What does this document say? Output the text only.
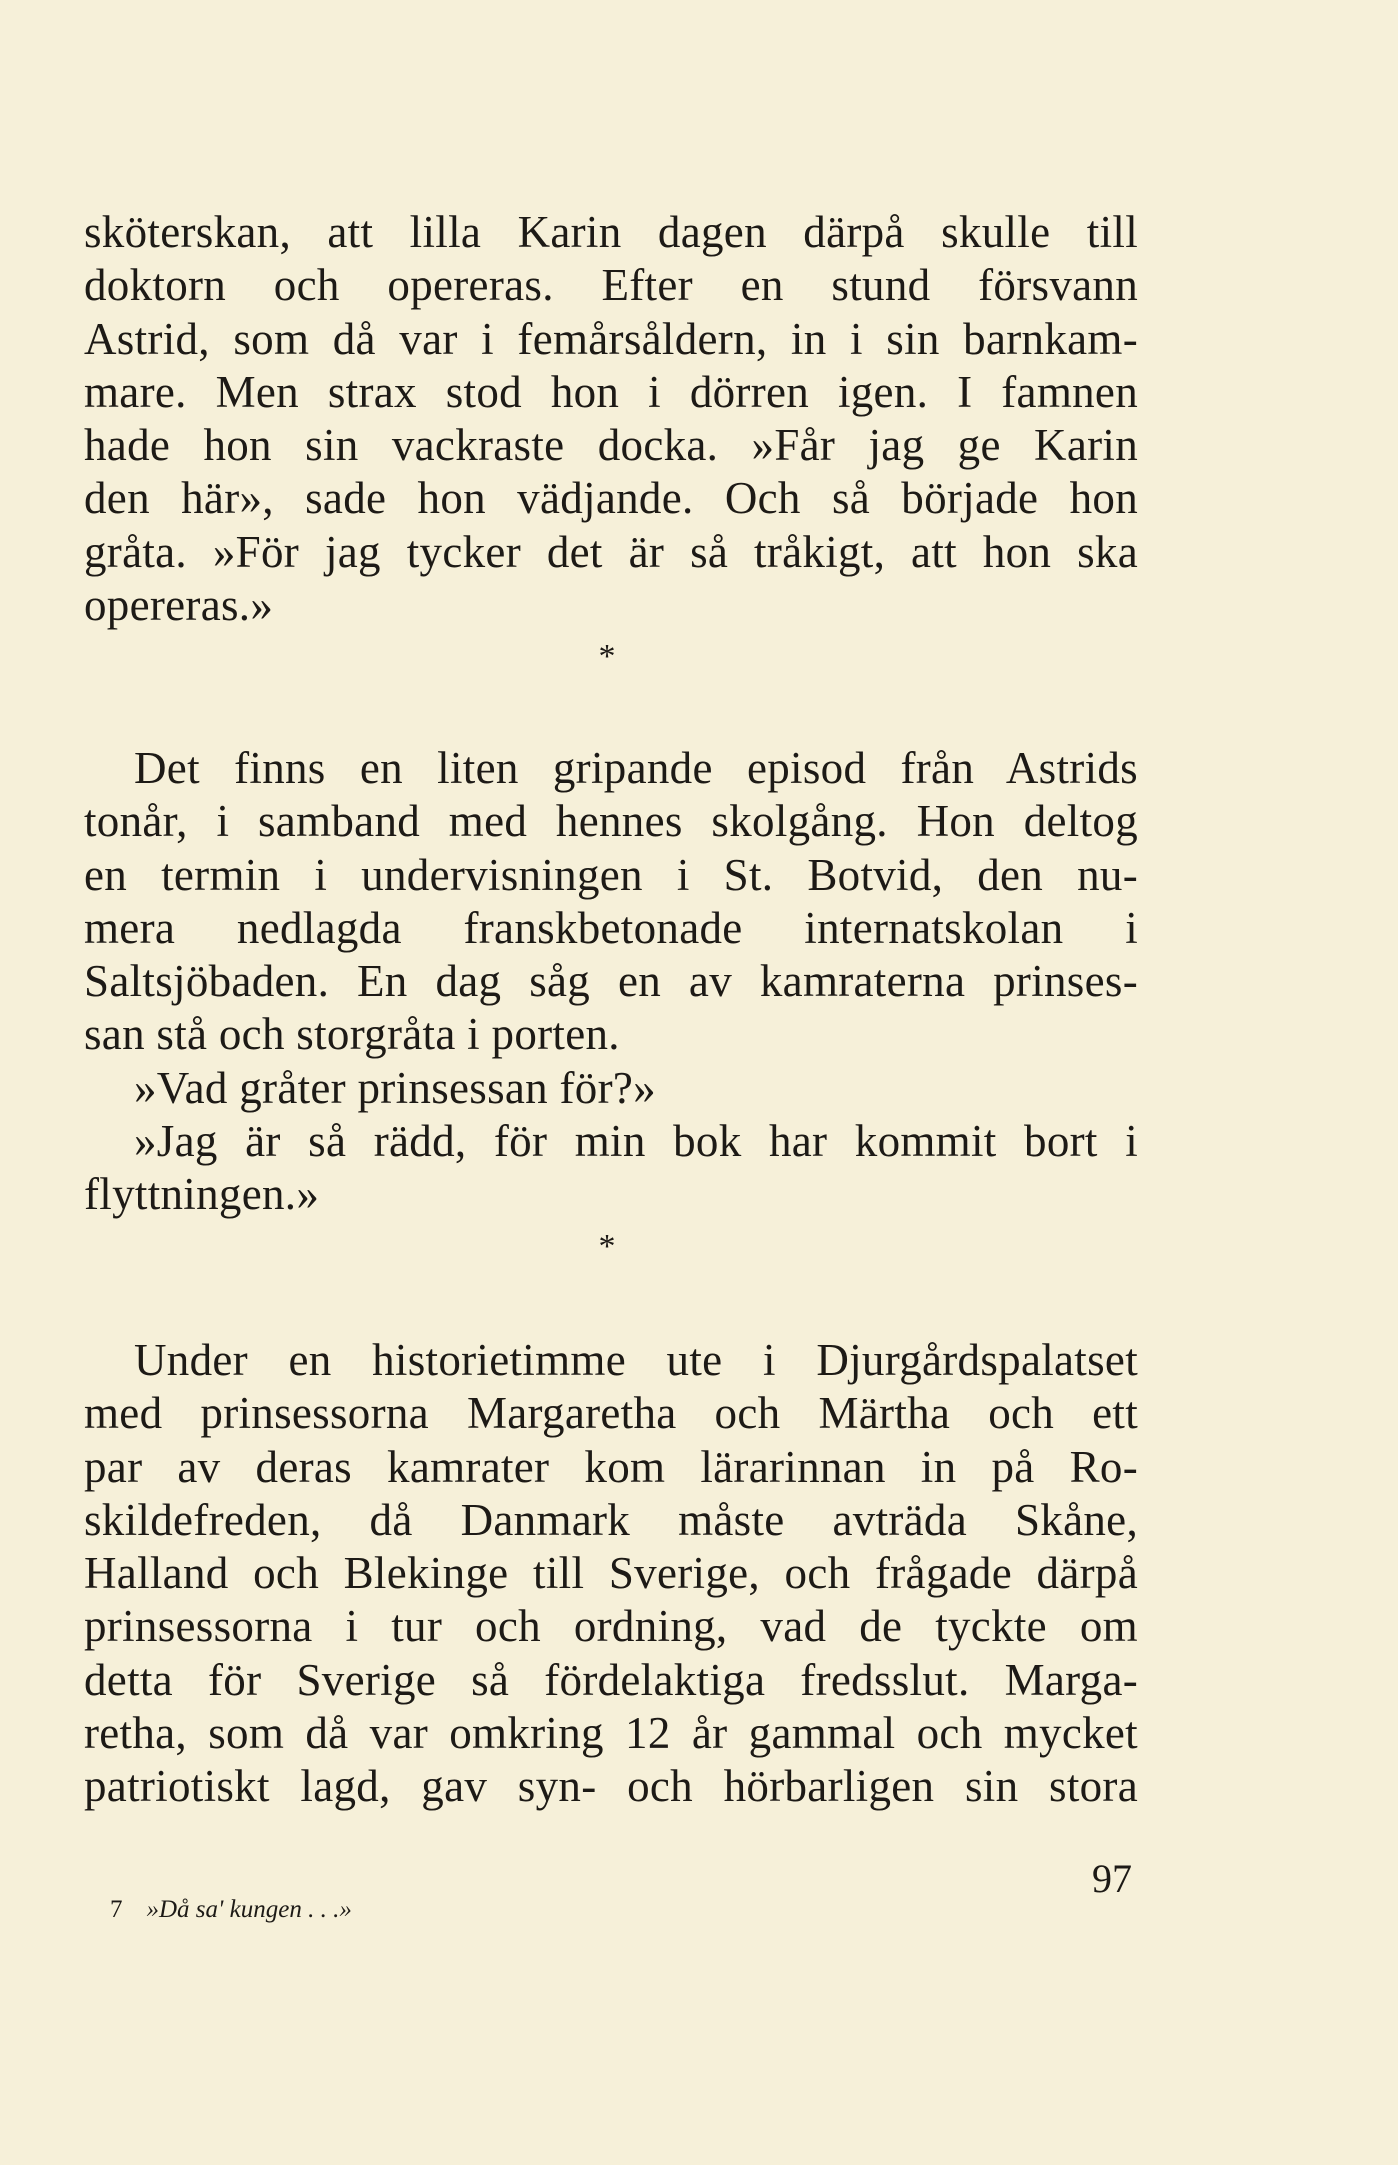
sköterskan, att lilla Karin dagen därpå skulle till
doktorn och opereras. Efter en stund försvann
Astrid, som då var i femårsåldern, in i sin barnkam-
mare. Men strax stod hon i dörren igen. I famnen
hade hon sin vackraste docka. »Får jag ge Karin
den här», sade hon vädjande. Och så började hon
gråta. »För jag tycker det är så tråkigt, att hon ska
opereras.»
*
Det finns en liten gripande episod från Astrids
tonår, i samband med hennes skolgång. Hon deltog
en termin i undervisningen i St. Botvid, den nu-
mera nedlagda franskbetonade internatskolan i
Saltsjöbaden. En dag såg en av kamraterna prinses-
san stå och storgråta i porten.
»Vad gråter prinsessan för?»
»Jag är så rädd, för min bok har kommit bort i
flyttningen.»
*
Under en historietimme ute i Djurgårdspalatset
med prinsessorna Margaretha och Märtha och ett
par av deras kamrater kom lärarinnan in på Ro-
skildefreden, då Danmark måste avträda Skåne,
Halland och Blekinge till Sverige, och frågade därpå
prinsessorna i tur och ordning, vad de tyckte om
detta för Sverige så fördelaktiga fredsslut. Marga-
retha, som då var omkring 12 år gammal och mycket
patriotiskt lagd, gav syn- och hörbarligen sin stora
97
7 »Då sa' kungen . . .»
